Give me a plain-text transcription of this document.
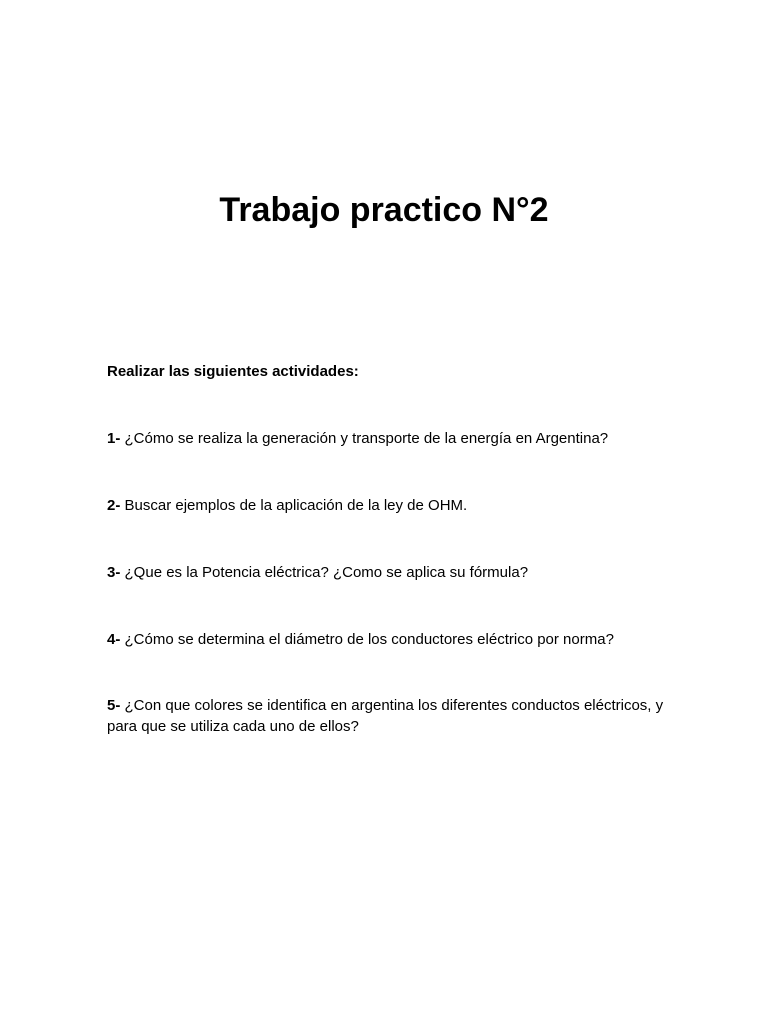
Trabajo practico N°2

Realizar las siguientes actividades:

1- ¿Cómo se realiza la generación y transporte de la energía en Argentina?

2- Buscar ejemplos de la aplicación de la ley de OHM.

3- ¿Que es la Potencia eléctrica? ¿Como se aplica su fórmula?

4- ¿Cómo se determina el diámetro de los conductores eléctrico por norma?

5- ¿Con que colores se identifica en argentina los diferentes conductos eléctricos, y para que se utiliza cada uno de ellos?
